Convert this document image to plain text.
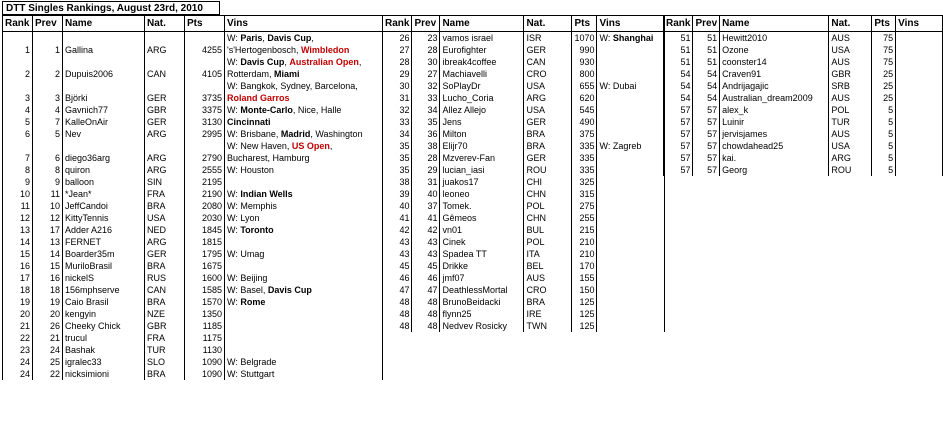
DTT Singles Rankings, August 23rd, 2010
Rank	Prev	Name	Nat.	Pts	Vins
1	1	Gallina	ARG	4255	W: Paris, Davis Cup,
's'Hertogenbosch, Wimbledon
2	2	Dupuis2006	CAN	4105	W: Davis Cup, Australian Open,
Rotterdam, Miami
3	3	Björki	GER	3735	W: Bangkok, Sydney, Barcelona,
Roland Garros
4	4	Gavnich77	GBR	3375	W: Monte-Carlo, Nice, Halle
5	7	KalleOnAir	GER	3130	Cincinnati
6	5	Nev	ARG	2995	W: Brisbane, Madrid, Washington
7	6	diego36arg	ARG	2790	W: New Haven, US Open,
Bucharest, Hamburg
8	8	quiron	ARG	2555	W: Houston
9	9	balloon	SIN	2195	
10	11	*Jean*	FRA	2190	W: Indian Wells
11	10	JeffCandoi	BRA	2080	W: Memphis
12	12	KittyTennis	USA	2030	W: Lyon
13	17	Adder A216	NED	1845	W: Toronto
14	13	FERNET	ARG	1815	
15	14	Boarder35m	GER	1795	W: Umag
16	15	MuriloBrasil	BRA	1675	
17	16	nickelS	RUS	1600	W: Beijing
18	18	156mphserve	CAN	1585	W: Basel, Davis Cup
19	19	Caio Brasil	BRA	1570	W: Rome
20	20	kengyin	NZE	1350	
21	26	Cheeky Chick	GBR	1185	
22	21	trucul	FRA	1175	
23	24	Bashak	TUR	1130	
24	25	igralec33	SLO	1090	W: Belgrade
24	22	nicksimioni	BRA	1090	W: Stuttgart
Rank	Prev	Name	Nat.	Pts	Vins
26	23	vamos israel	ISR	1070	W: Shanghai
27	28	Eurofighter	GER	990	
28	30	ibreak4coffee	CAN	930	
29	27	Machiavelli	CRO	800	
30	32	SoPlayDr	USA	655	W: Dubai
31	33	Lucho_Coria	ARG	620	
32	34	Allez Allejo	USA	545	
33	35	Jens	GER	490	
34	36	Milton	BRA	375	
35	38	Elijr70	BRA	335	W: Zagreb
35	28	Mzverev-Fan	GER	335	
35	29	lucian_iasi	ROU	335	
38	31	juakos17	CHI	325	
39	40	leoneo	CHN	315	
40	37	Tomek.	POL	275	
41	41	Gêmeos	CHN	255	
42	42	vn01	BUL	215	
43	43	Cinek	POL	210	
43	43	Spadea TT	ITA	210	
45	45	Drikke	BEL	170	
46	46	jmf07	AUS	155	
47	47	DeathlessMortal	CRO	150	
48	48	BrunoBeidacki	BRA	125	
48	48	flynn25	IRE	125	
48	48	Nedvev Rosicky	TWN	125	
Rank	Prev	Name	Nat.	Pts	Vins
51	51	Hewitt2010	AUS	75	
51	51	Ozone	USA	75	
51	51	coonster14	AUS	75	
54	54	Craven91	GBR	25	
54	54	Andrijagajic	SRB	25	
54	54	Australian_dream2009	AUS	25	
57	57	alex_k	POL	5	
57	57	Luinir	TUR	5	
57	57	jervisjames	AUS	5	
57	57	chowdahead25	USA	5	
57	57	kai.	ARG	5	
57	57	Georg	ROU	5	
